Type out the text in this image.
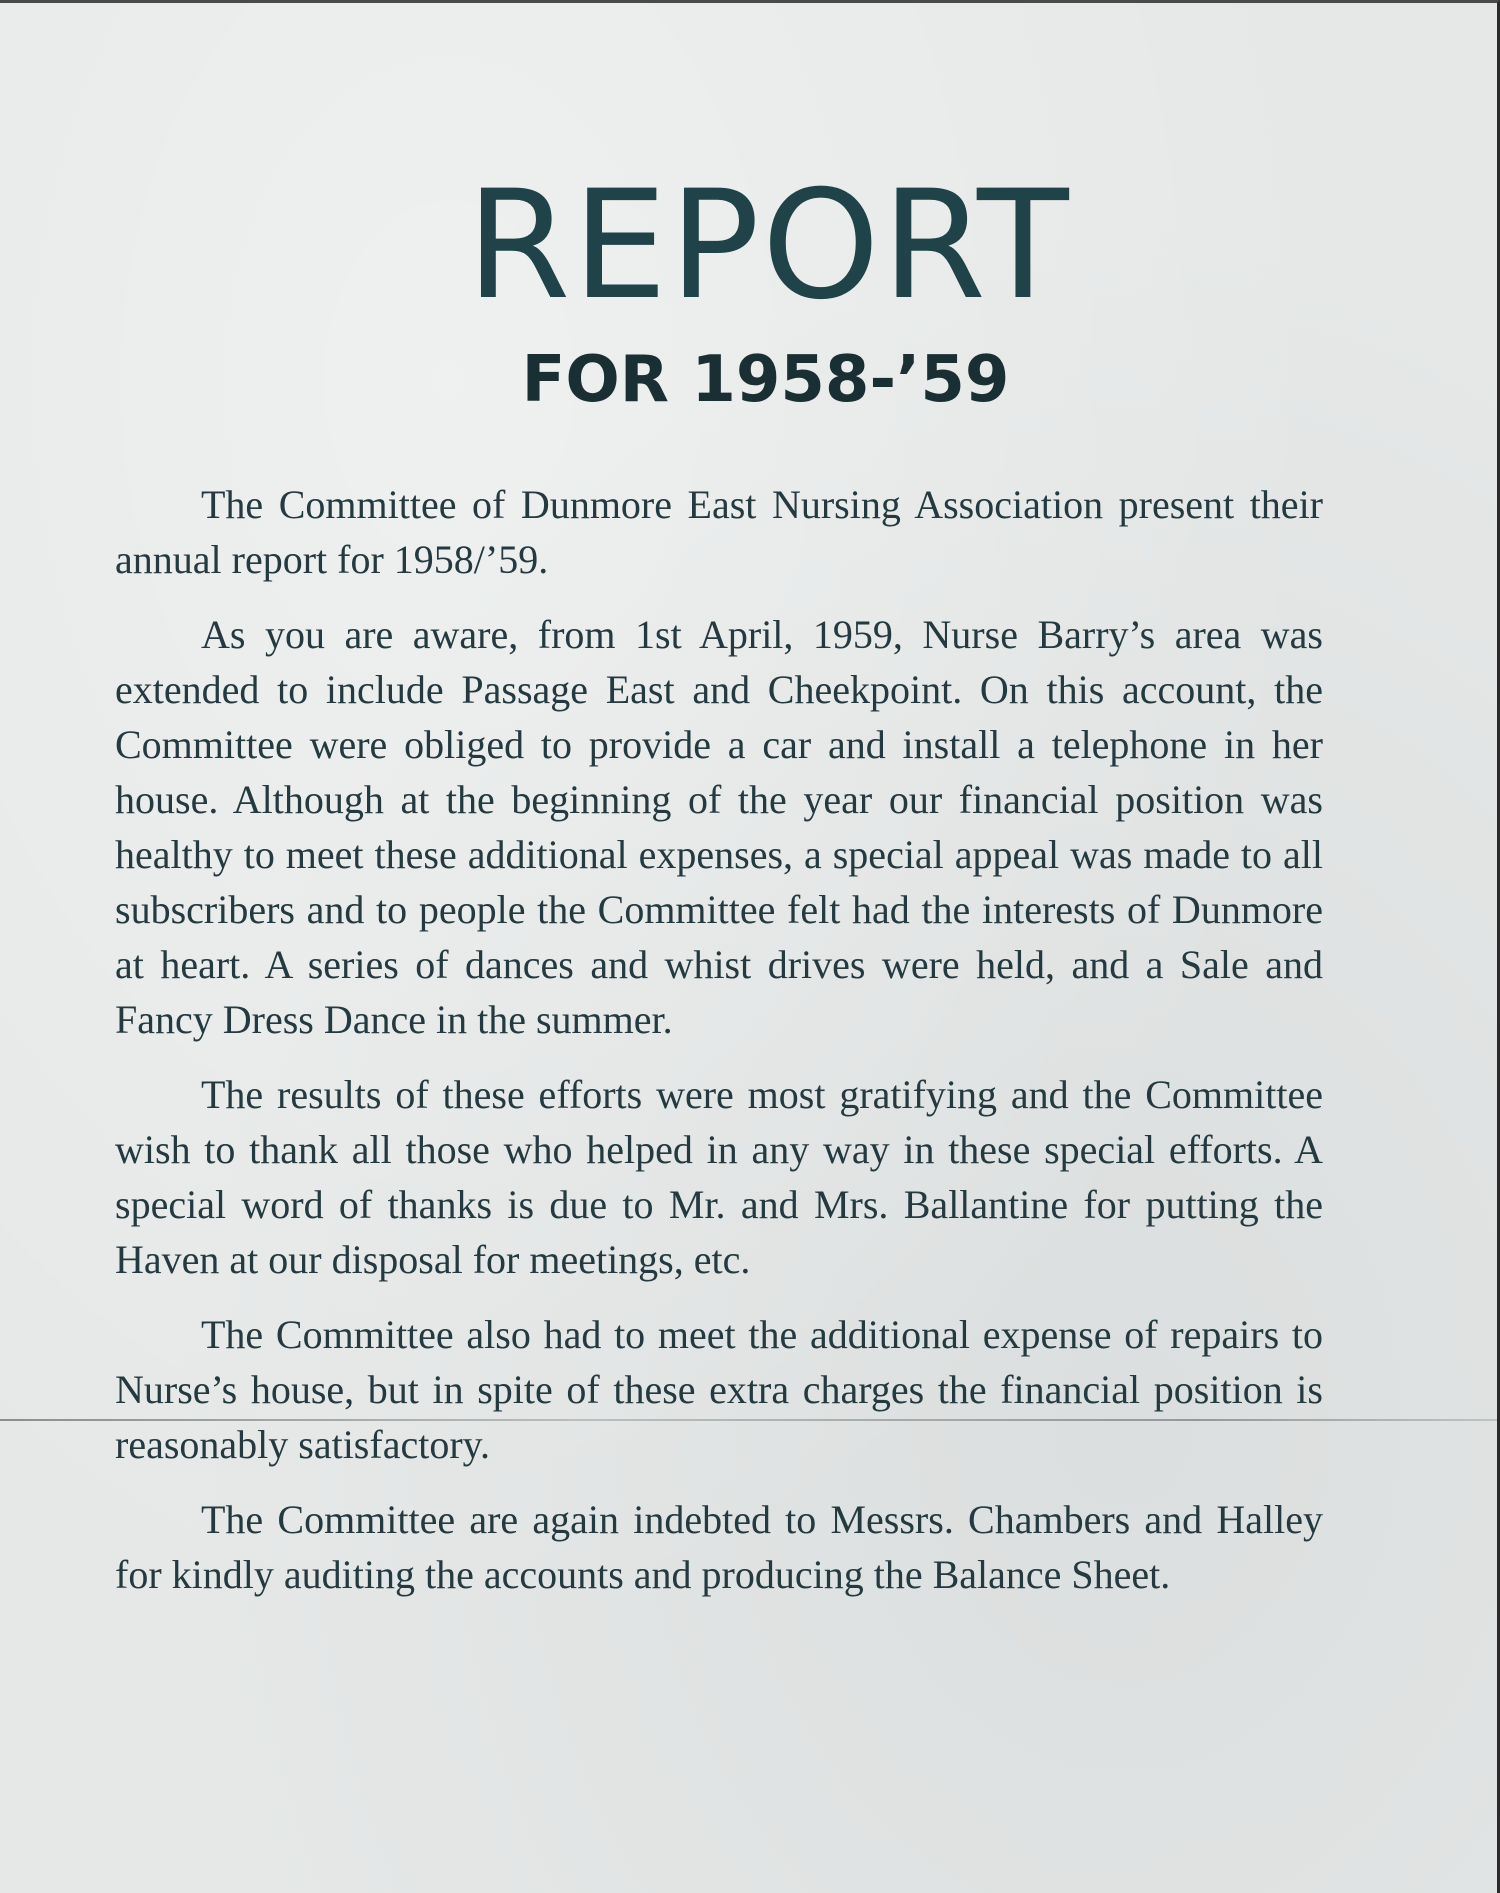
REPORT
FOR 1958-’59

The Committee of Dunmore East Nursing Association present their annual report for 1958/’59.

As you are aware, from 1st April, 1959, Nurse Barry’s area was extended to include Passage East and Cheekpoint. On this account, the Committee were obliged to provide a car and install a telephone in her house. Although at the beginning of the year our financial position was healthy to meet these additional expenses, a special appeal was made to all subscribers and to people the Committee felt had the interests of Dunmore at heart. A series of dances and whist drives were held, and a Sale and Fancy Dress Dance in the summer.

The results of these efforts were most gratifying and the Committee wish to thank all those who helped in any way in these special efforts. A special word of thanks is due to Mr. and Mrs. Ballantine for putting the Haven at our disposal for meetings, etc.

The Committee also had to meet the additional expense of repairs to Nurse’s house, but in spite of these extra charges the financial position is reasonably satisfactory.

The Committee are again indebted to Messrs. Chambers and Halley for kindly auditing the accounts and producing the Balance Sheet.
